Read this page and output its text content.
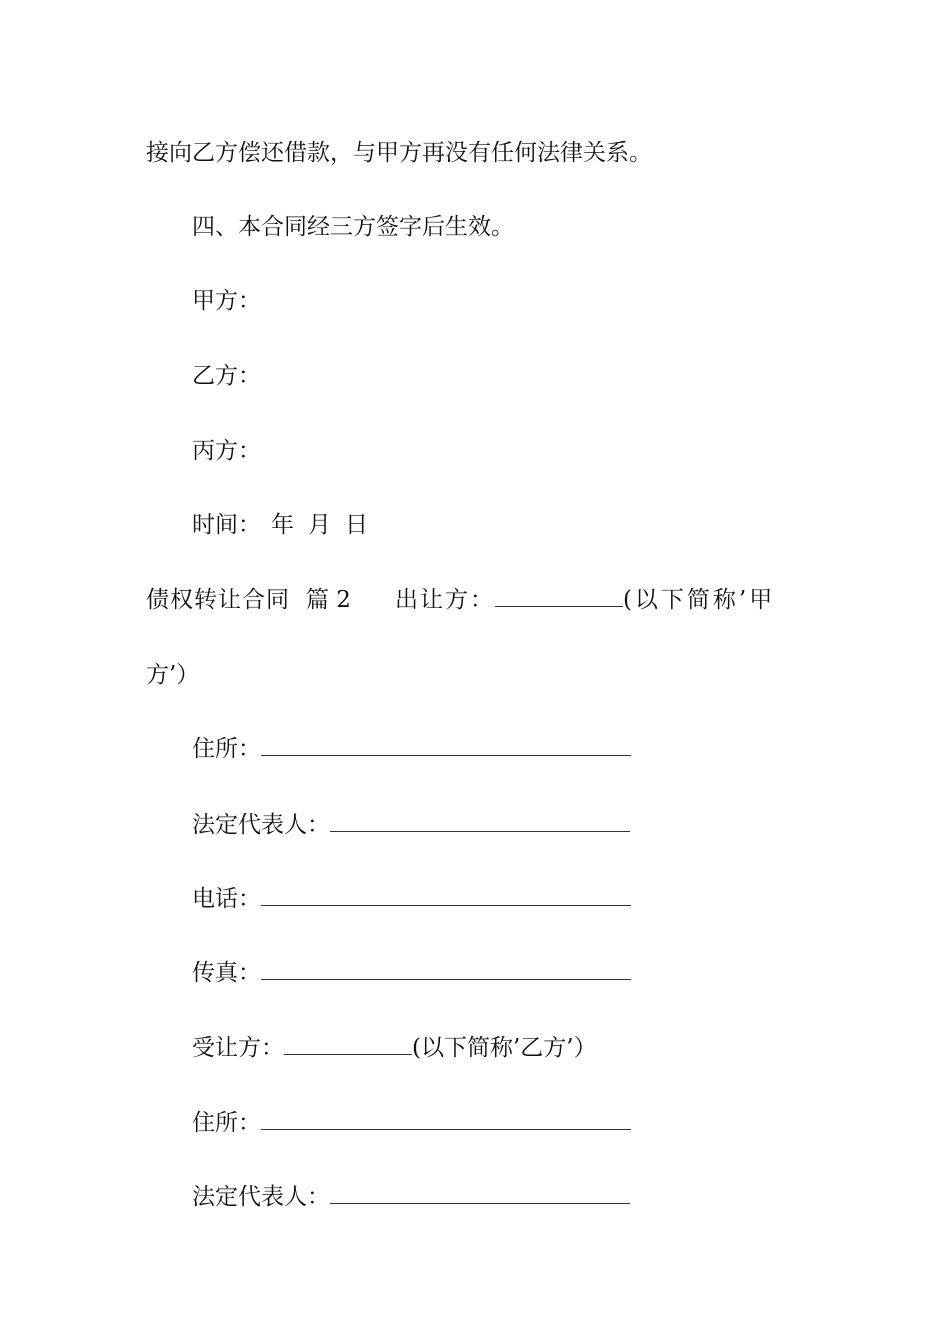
接向乙方偿还借款，与甲方再没有任何法律关系。
四、本合同经三方签字后生效。
甲方：
乙方：
丙方：
时间： 年 月 日
债权转让合同 篇 2 出让方：	(以下简称’甲
方’）
住所：
法定代表人：
电话：
传真：
受让方：	(以下简称’乙方’）
住所：
法定代表人：
